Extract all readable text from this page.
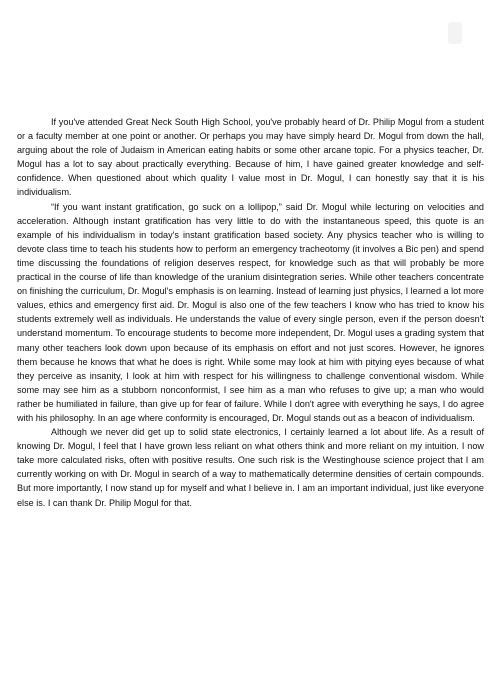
If you've attended Great Neck South High School, you've probably heard of Dr. Philip Mogul from a student or a faculty member at one point or another. Or perhaps you may have simply heard Dr. Mogul from down the hall, arguing about the role of Judaism in American eating habits or some other arcane topic. For a physics teacher, Dr. Mogul has a lot to say about practically everything. Because of him, I have gained greater knowledge and self-confidence. When questioned about which quality I value most in Dr. Mogul, I can honestly say that it is his individualism.

“If you want instant gratification, go suck on a lollipop,” said Dr. Mogul while lecturing on velocities and acceleration. Although instant gratification has very little to do with the instantaneous speed, this quote is an example of his individualism in today's instant gratification based society. Any physics teacher who is willing to devote class time to teach his students how to perform an emergency tracheotomy (it involves a Bic pen) and spend time discussing the foundations of religion deserves respect, for knowledge such as that will probably be more practical in the course of life than knowledge of the uranium disintegration series. While other teachers concentrate on finishing the curriculum, Dr. Mogul's emphasis is on learning. Instead of learning just physics, I learned a lot more values, ethics and emergency first aid. Dr. Mogul is also one of the few teachers I know who has tried to know his students extremely well as individuals. He understands the value of every single person, even if the person doesn't understand momentum. To encourage students to become more independent, Dr. Mogul uses a grading system that many other teachers look down upon because of its emphasis on effort and not just scores. However, he ignores them because he knows that what he does is right. While some may look at him with pitying eyes because of what they perceive as insanity, I look at him with respect for his willingness to challenge conventional wisdom. While some may see him as a stubborn nonconformist, I see him as a man who refuses to give up; a man who would rather be humiliated in failure, than give up for fear of failure. While I don't agree with everything he says, I do agree with his philosophy. In an age where conformity is encouraged, Dr. Mogul stands out as a beacon of individualism.

Although we never did get up to solid state electronics, I certainly learned a lot about life. As a result of knowing Dr. Mogul, I feel that I have grown less reliant on what others think and more reliant on my intuition. I now take more calculated risks, often with positive results. One such risk is the Westinghouse science project that I am currently working on with Dr. Mogul in search of a way to mathematically determine densities of certain compounds. But more importantly, I now stand up for myself and what I believe in. I am an important individual, just like everyone else is. I can thank Dr. Philip Mogul for that.
